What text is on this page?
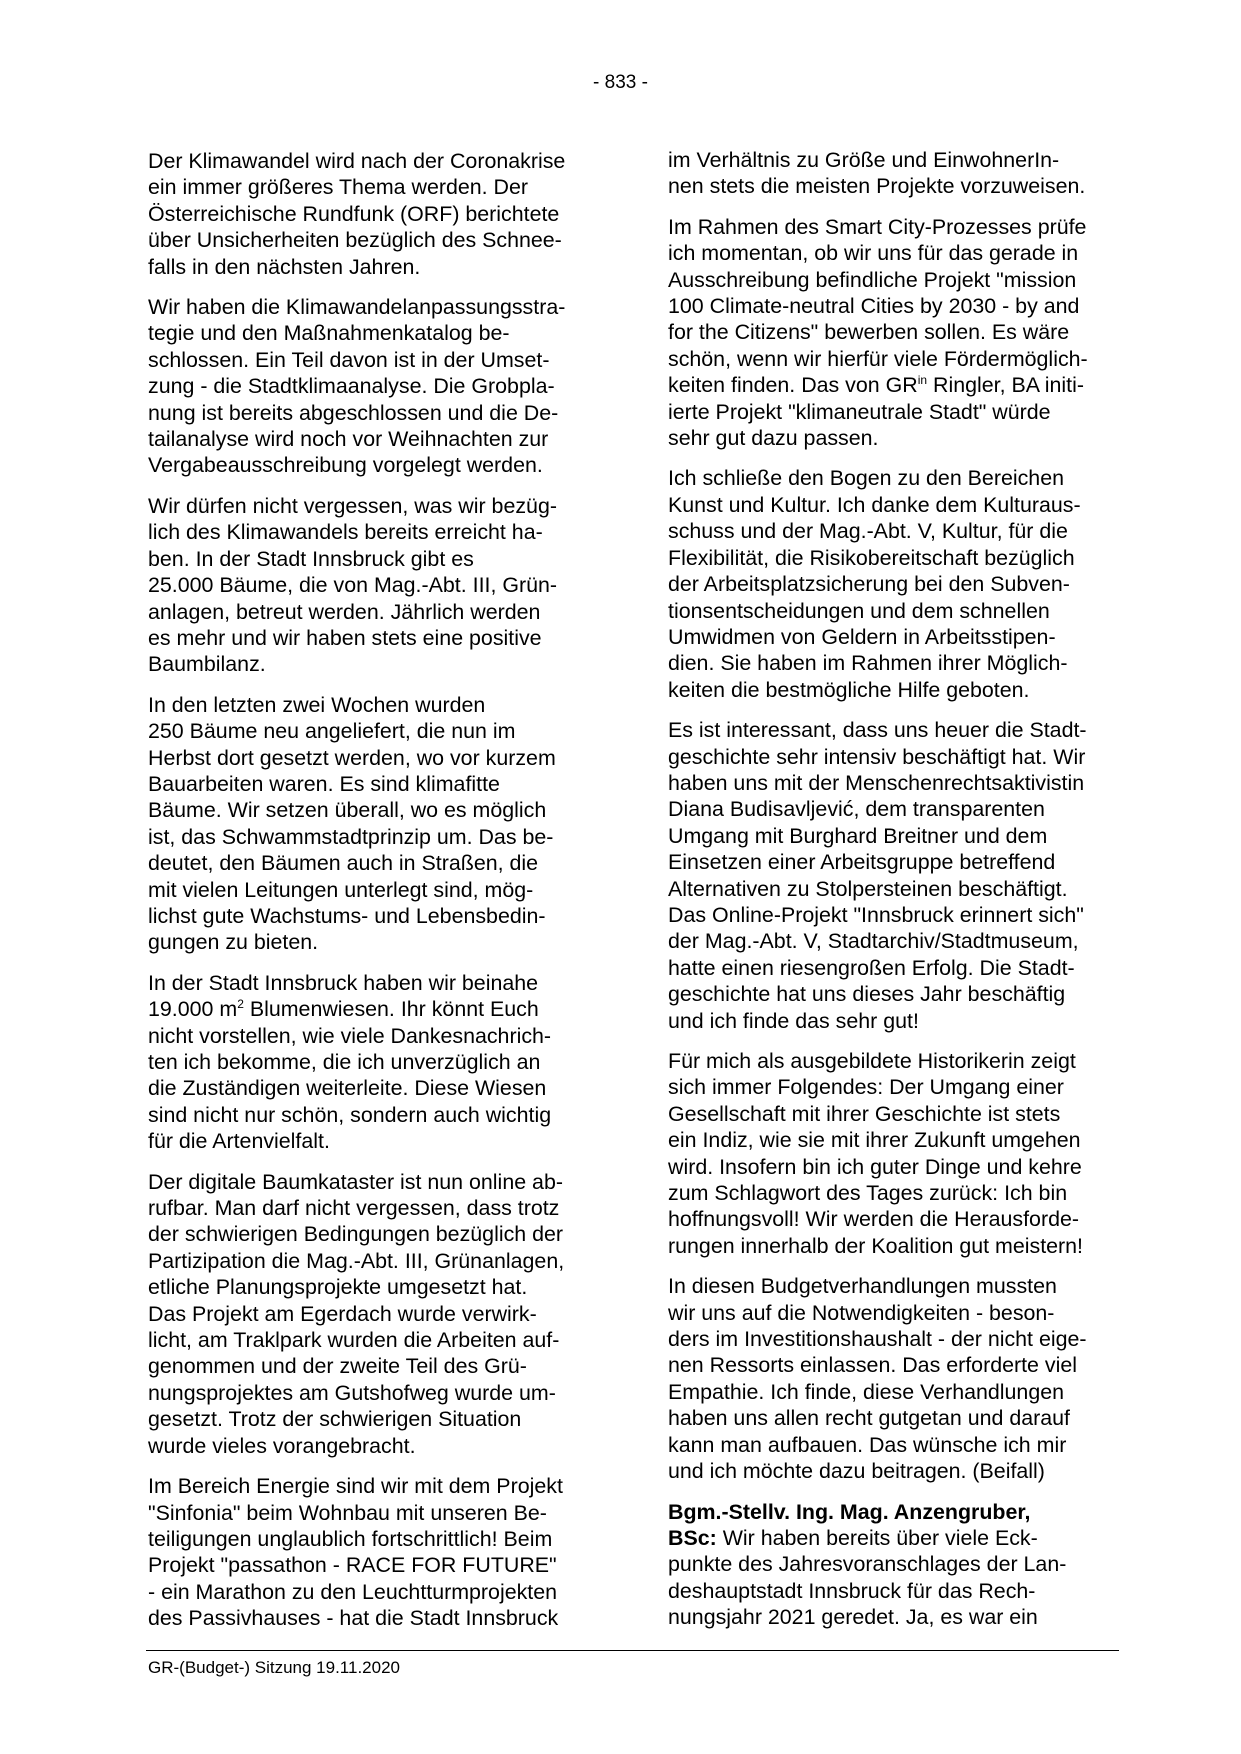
- 833 -

Der Klimawandel wird nach der Coronakrise
ein immer größeres Thema werden. Der
Österreichische Rundfunk (ORF) berichtete
über Unsicherheiten bezüglich des Schnee-
falls in den nächsten Jahren.

Wir haben die Klimawandelanpassungsstra-
tegie und den Maßnahmenkatalog be-
schlossen. Ein Teil davon ist in der Umset-
zung - die Stadtklimaanalyse. Die Grobpla-
nung ist bereits abgeschlossen und die De-
tailanalyse wird noch vor Weihnachten zur
Vergabeausschreibung vorgelegt werden.

Wir dürfen nicht vergessen, was wir bezüg-
lich des Klimawandels bereits erreicht ha-
ben. In der Stadt Innsbruck gibt es
25.000 Bäume, die von Mag.-Abt. III, Grün-
anlagen, betreut werden. Jährlich werden
es mehr und wir haben stets eine positive
Baumbilanz.

In den letzten zwei Wochen wurden
250 Bäume neu angeliefert, die nun im
Herbst dort gesetzt werden, wo vor kurzem
Bauarbeiten waren. Es sind klimafitte
Bäume. Wir setzen überall, wo es möglich
ist, das Schwammstadtprinzip um. Das be-
deutet, den Bäumen auch in Straßen, die
mit vielen Leitungen unterlegt sind, mög-
lichst gute Wachstums- und Lebensbedin-
gungen zu bieten.

In der Stadt Innsbruck haben wir beinahe
19.000 $m^2$ Blumenwiesen. Ihr könnt Euch
nicht vorstellen, wie viele Dankesnachrich-
ten ich bekomme, die ich unverzüglich an
die Zuständigen weiterleite. Diese Wiesen
sind nicht nur schön, sondern auch wichtig
für die Artenvielfalt.

Der digitale Baumkataster ist nun online ab-
rufbar. Man darf nicht vergessen, dass trotz
der schwierigen Bedingungen bezüglich der
Partizipation die Mag.-Abt. III, Grünanlagen,
etliche Planungsprojekte umgesetzt hat.
Das Projekt am Egerdach wurde verwirk-
licht, am Traklpark wurden die Arbeiten auf-
genommen und der zweite Teil des Grü-
nungsprojektes am Gutshofweg wurde um-
gesetzt. Trotz der schwierigen Situation
wurde vieles vorangebracht.

Im Bereich Energie sind wir mit dem Projekt
"Sinfonia" beim Wohnbau mit unseren Be-
teiligungen unglaublich fortschrittlich! Beim
Projekt "passathon - RACE FOR FUTURE"
- ein Marathon zu den Leuchtturmprojekten
des Passivhauses - hat die Stadt Innsbruck

im Verhältnis zu Größe und EinwohnerIn-
nen stets die meisten Projekte vorzuweisen.

Im Rahmen des Smart City-Prozesses prüfe
ich momentan, ob wir uns für das gerade in
Ausschreibung befindliche Projekt "mission
100 Climate-neutral Cities by 2030 - by and
for the Citizens" bewerben sollen. Es wäre
schön, wenn wir hierfür viele Fördermöglich-
keiten finden. Das von $GR^{in}$ Ringler, BA initi-
ierte Projekt "klimaneutrale Stadt" würde
sehr gut dazu passen.

Ich schließe den Bogen zu den Bereichen
Kunst und Kultur. Ich danke dem Kulturaus-
schuss und der Mag.-Abt. V, Kultur, für die
Flexibilität, die Risikobereitschaft bezüglich
der Arbeitsplatzsicherung bei den Subven-
tionsentscheidungen und dem schnellen
Umwidmen von Geldern in Arbeitsstipen-
dien. Sie haben im Rahmen ihrer Möglich-
keiten die bestmögliche Hilfe geboten.

Es ist interessant, dass uns heuer die Stadt-
geschichte sehr intensiv beschäftigt hat. Wir
haben uns mit der Menschenrechtsaktivistin
Diana Budisavljević, dem transparenten
Umgang mit Burghard Breitner und dem
Einsetzen einer Arbeitsgruppe betreffend
Alternativen zu Stolpersteinen beschäftigt.
Das Online-Projekt "Innsbruck erinnert sich"
der Mag.-Abt. V, Stadtarchiv/Stadtmuseum,
hatte einen riesengroßen Erfolg. Die Stadt-
geschichte hat uns dieses Jahr beschäftig
und ich finde das sehr gut!

Für mich als ausgebildete Historikerin zeigt
sich immer Folgendes: Der Umgang einer
Gesellschaft mit ihrer Geschichte ist stets
ein Indiz, wie sie mit ihrer Zukunft umgehen
wird. Insofern bin ich guter Dinge und kehre
zum Schlagwort des Tages zurück: Ich bin
hoffnungsvoll! Wir werden die Herausforde-
rungen innerhalb der Koalition gut meistern!

In diesen Budgetverhandlungen mussten
wir uns auf die Notwendigkeiten - beson-
ders im Investitionshaushalt - der nicht eige-
nen Ressorts einlassen. Das erforderte viel
Empathie. Ich finde, diese Verhandlungen
haben uns allen recht gutgetan und darauf
kann man aufbauen. Das wünsche ich mir
und ich möchte dazu beitragen. (Beifall)

Bgm.-Stellv. Ing. Mag. Anzengruber,
BSc: Wir haben bereits über viele Eck-
punkte des Jahresvoranschlages der Lan-
deshauptstadt Innsbruck für das Rech-
nungsjahr 2021 geredet. Ja, es war ein

GR-(Budget-) Sitzung 19.11.2020
